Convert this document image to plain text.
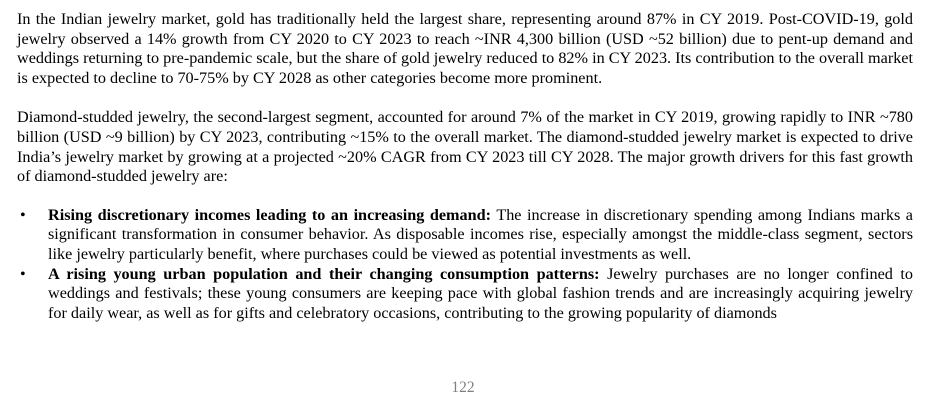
In the Indian jewelry market, gold has traditionally held the largest share, representing around 87% in CY 2019. Post-COVID-19, gold jewelry observed a 14% growth from CY 2020 to CY 2023 to reach ~INR 4,300 billion (USD ~52 billion) due to pent-up demand and weddings returning to pre-pandemic scale, but the share of gold jewelry reduced to 82% in CY 2023. Its contribution to the overall market is expected to decline to 70-75% by CY 2028 as other categories become more prominent.

Diamond-studded jewelry, the second-largest segment, accounted for around 7% of the market in CY 2019, growing rapidly to INR ~780 billion (USD ~9 billion) by CY 2023, contributing ~15% to the overall market. The diamond-studded jewelry market is expected to drive India’s jewelry market by growing at a projected ~20% CAGR from CY 2023 till CY 2028. The major growth drivers for this fast growth of diamond-studded jewelry are:

• Rising discretionary incomes leading to an increasing demand: The increase in discretionary spending among Indians marks a significant transformation in consumer behavior. As disposable incomes rise, especially amongst the middle-class segment, sectors like jewelry particularly benefit, where purchases could be viewed as potential investments as well.
• A rising young urban population and their changing consumption patterns: Jewelry purchases are no longer confined to weddings and festivals; these young consumers are keeping pace with global fashion trends and are increasingly acquiring jewelry for daily wear, as well as for gifts and celebratory occasions, contributing to the growing popularity of diamonds
122
